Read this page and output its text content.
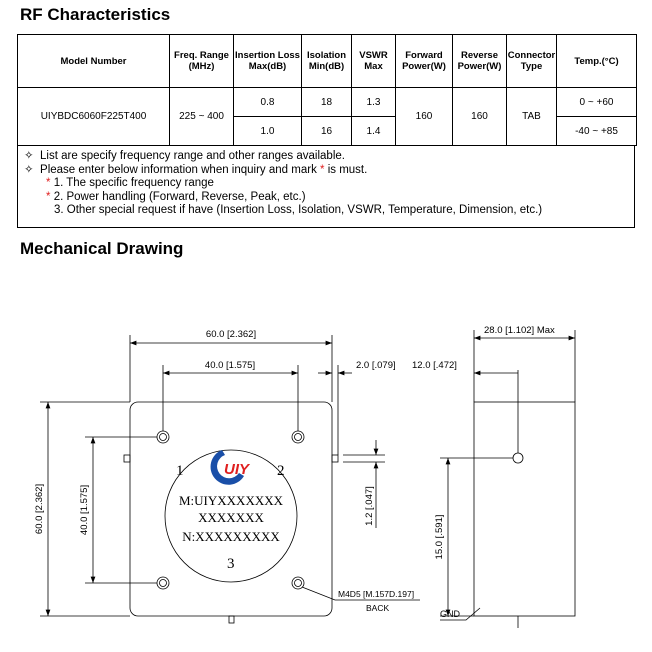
RF Characteristics
Model Number	Freq. Range (MHz)	Insertion Loss Max(dB)	Isolation Min(dB)	VSWR Max	Forward Power(W)	Reverse Power(W)	Connector Type	Temp.(°C)
UIYBDC6060F225T400	225 ~ 400	0.8	18	1.3	160	160	TAB	0 ~ +60
		1.0	16	1.4				-40 ~ +85
✧ List are specify frequency range and other ranges available.
✧ Please enter below information when inquiry and mark * is must.
* 1. The specific frequency range
* 2. Power handling (Forward, Reverse, Peak, etc.)
3. Other special request if have (Insertion Loss, Isolation, VSWR, Temperature, Dimension, etc.)
Mechanical Drawing
UIY
1	2
3
M:UIYXXXXXXX
XXXXXXX
N:XXXXXXXXX
60.0 [2.362]
40.0 [1.575]	2.0 [.079] 12.0 [.472]
28.0 [1.102] Max
60.0 [2.362]	40.0 [1.575]	1.2 [.047]
15.0 [.591]
M4D5 [M.157D.197]
BACK
GND
